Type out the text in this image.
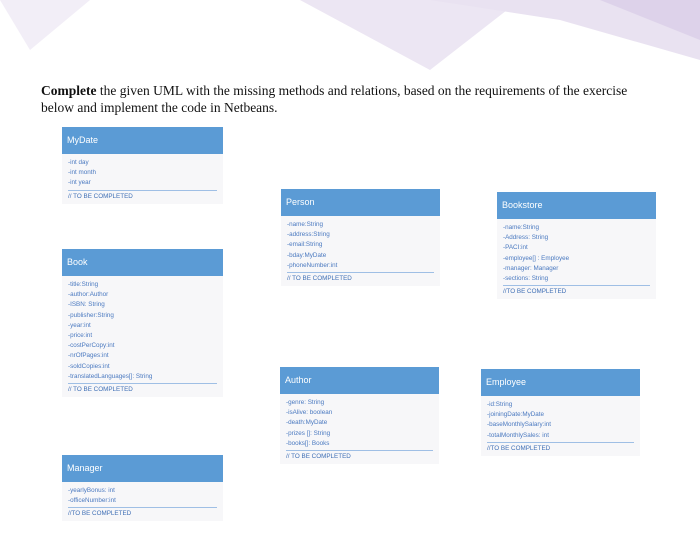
Complete the given UML with the missing methods and relations, based on the requirements of the exercise below and implement the code in Netbeans.
MyDate
-int day
-int month
-int year
// TO BE COMPLETED
Person
-name:String
-address:String
-email:String
-bday:MyDate
-phoneNumber:int
// TO BE COMPLETED
Bookstore
-name:String
-Address: String
-PACI:int
-employee[] : Employee
-manager: Manager
-sections: String
//TO BE COMPLETED
Book
-title:String
-author:Author
-ISBN: String
-publisher:String
-year:int
-price:int
-costPerCopy:int
-nrOfPages:int
-soldCopies:int
-translatedLanguages[]: String
// TO BE COMPLETED
Author
-genre: String
-isAlive: boolean
-death:MyDate
-prizes []: String
-books[]: Books
// TO BE COMPLETED
Employee
-id:String
-joiningDate:MyDate
-baseMonthlySalary:int
-totalMonthlySales: int
//TO BE COMPLETED
Manager
-yearlyBonus: int
-officeNumber:int
//TO BE COMPLETED
